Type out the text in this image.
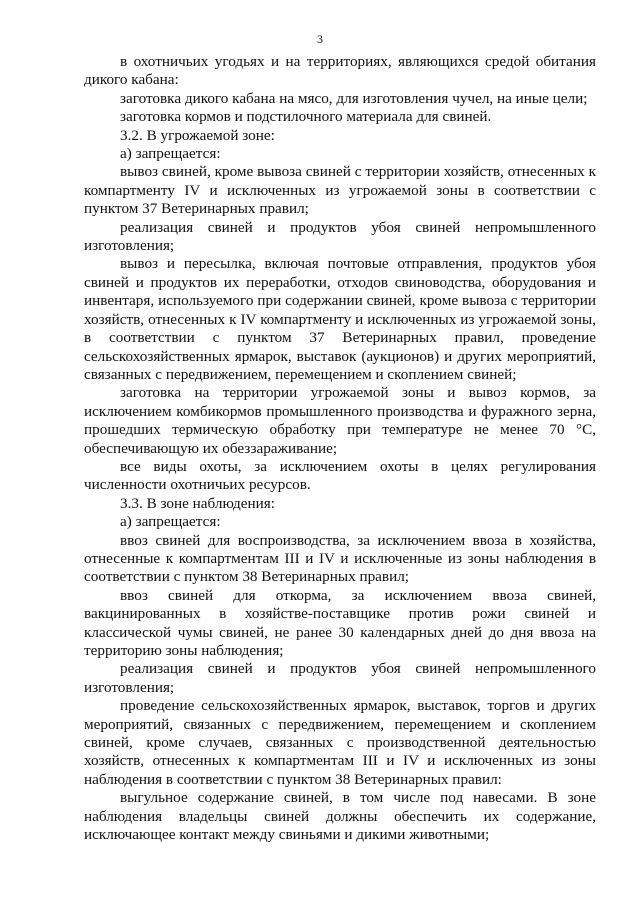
3

в охотничьих угодьях и на территориях, являющихся средой обитания дикого кабана:

заготовка дикого кабана на мясо, для изготовления чучел, на иные цели;

заготовка кормов и подстилочного материала для свиней.

3.2. В угрожаемой зоне:

а) запрещается:

вывоз свиней, кроме вывоза свиней с территории хозяйств, отнесенных к компартменту IV и исключенных из угрожаемой зоны в соответствии с пунктом 37 Ветеринарных правил;

реализация свиней и продуктов убоя свиней непромышленного изготовления;

вывоз и пересылка, включая почтовые отправления, продуктов убоя свиней и продуктов их переработки, отходов свиноводства, оборудования и инвентаря, используемого при содержании свиней, кроме вывоза с территории хозяйств, отнесенных к IV компартменту и исключенных из угрожаемой зоны, в соответствии с пунктом 37 Ветеринарных правил, проведение сельскохозяйственных ярмарок, выставок (аукционов) и других мероприятий, связанных с передвижением, перемещением и скоплением свиней;

заготовка на территории угрожаемой зоны и вывоз кормов, за исключением комбикормов промышленного производства и фуражного зерна, прошедших термическую обработку при температуре не менее 70 °С, обеспечивающую их обеззараживание;

все виды охоты, за исключением охоты в целях регулирования численности охотничьих ресурсов.

3.3. В зоне наблюдения:

а) запрещается:

ввоз свиней для воспроизводства, за исключением ввоза в хозяйства, отнесенные к компартментам III и IV и исключенные из зоны наблюдения в соответствии с пунктом 38 Ветеринарных правил;

ввоз свиней для откорма, за исключением ввоза свиней, вакцинированных в хозяйстве-поставщике против рожи свиней и классической чумы свиней, не ранее 30 календарных дней до дня ввоза на территорию зоны наблюдения;

реализация свиней и продуктов убоя свиней непромышленного изготовления;

проведение сельскохозяйственных ярмарок, выставок, торгов и других мероприятий, связанных с передвижением, перемещением и скоплением свиней, кроме случаев, связанных с производственной деятельностью хозяйств, отнесенных к компартментам III и IV и исключенных из зоны наблюдения в соответствии с пунктом 38 Ветеринарных правил:

выгульное содержание свиней, в том числе под навесами. В зоне наблюдения владельцы свиней должны обеспечить их содержание, исключающее контакт между свиньями и дикими животными;
